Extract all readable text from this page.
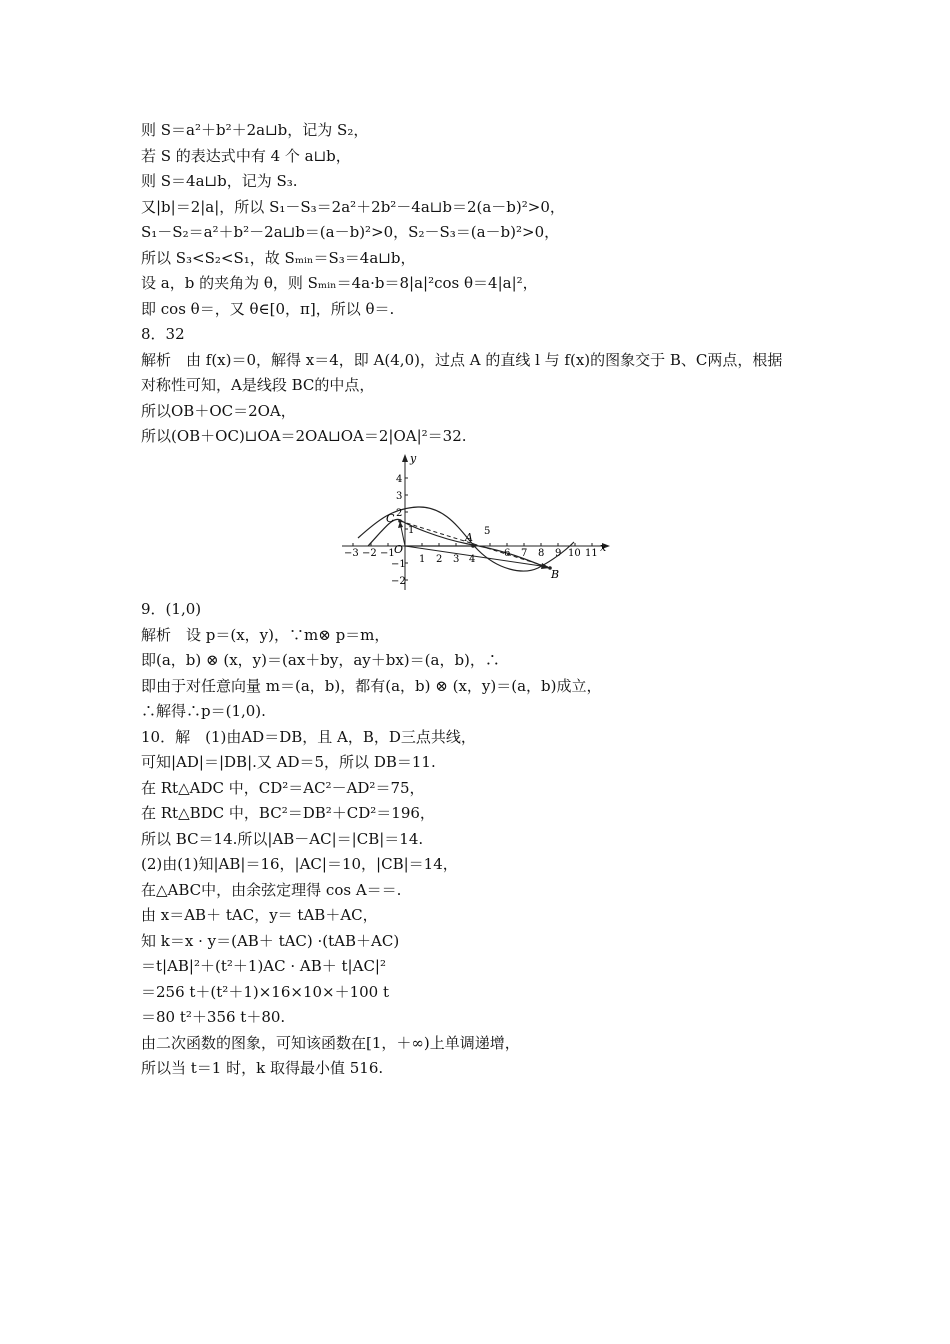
则 S＝a²＋b²＋2a⊔b，记为 S₂，
若 S 的表达式中有 4 个 a⊔b，
则 S＝4a⊔b，记为 S₃.
又|b|＝2|a|，所以 S₁－S₃＝2a²＋2b²－4a⊔b＝2(a－b)²>0，
S₁－S₂＝a²＋b²－2a⊔b＝(a－b)²>0，S₂－S₃＝(a－b)²>0，
所以 S₃<S₂<S₁，故 Sₘᵢₙ＝S₃＝4a⊔b，
设 a，b 的夹角为 θ，则 Sₘᵢₙ＝4a·b＝8|a|²cos θ＝4|a|²，
即 cos θ＝，又 θ∈[0，π]，所以 θ＝.
8．32
解析　由 f(x)＝0，解得 x＝4，即 A(4,0)，过点 A 的直线 l 与 f(x)的图象交于 B、C两点，根据
对称性可知，A是线段 BC的中点，
所以OB＋OC＝2OA，
所以(OB＋OC)⊔OA＝2OA⊔OA＝2|OA|²＝32.
x
y
O
A
B
C
−3 −2 −1
1 2 3 4
5
6 7 8 9 10 11
4
3
2
1
−1
−2
9．(1,0)
解析　设 p＝(x，y)，∵m⊗ p＝m，
即(a，b) ⊗ (x，y)＝(ax＋by，ay＋bx)＝(a，b)，∴
即由于对任意向量 m＝(a，b)，都有(a，b) ⊗ (x，y)＝(a，b)成立，
∴解得∴p＝(1,0).
10．解　(1)由AD＝DB，且 A，B，D三点共线，
可知|AD|＝|DB|.又 AD＝5，所以 DB＝11.
在 Rt△ADC 中，CD²＝AC²－AD²＝75，
在 Rt△BDC 中，BC²＝DB²＋CD²＝196，
所以 BC＝14.所以|AB－AC|＝|CB|＝14.
(2)由(1)知|AB|＝16，|AC|＝10，|CB|＝14，
在△ABC中，由余弦定理得 cos A＝＝.
由 x＝AB＋ tAC，y＝ tAB＋AC，
知 k＝x · y＝(AB＋ tAC) ·(tAB＋AC)
＝t|AB|²＋(t²＋1)AC · AB＋ t|AC|²
＝256 t＋(t²＋1)×16×10×＋100 t
＝80 t²＋356 t＋80.
由二次函数的图象，可知该函数在[1，＋∞)上单调递增，
所以当 t＝1 时，k 取得最小值 516.
